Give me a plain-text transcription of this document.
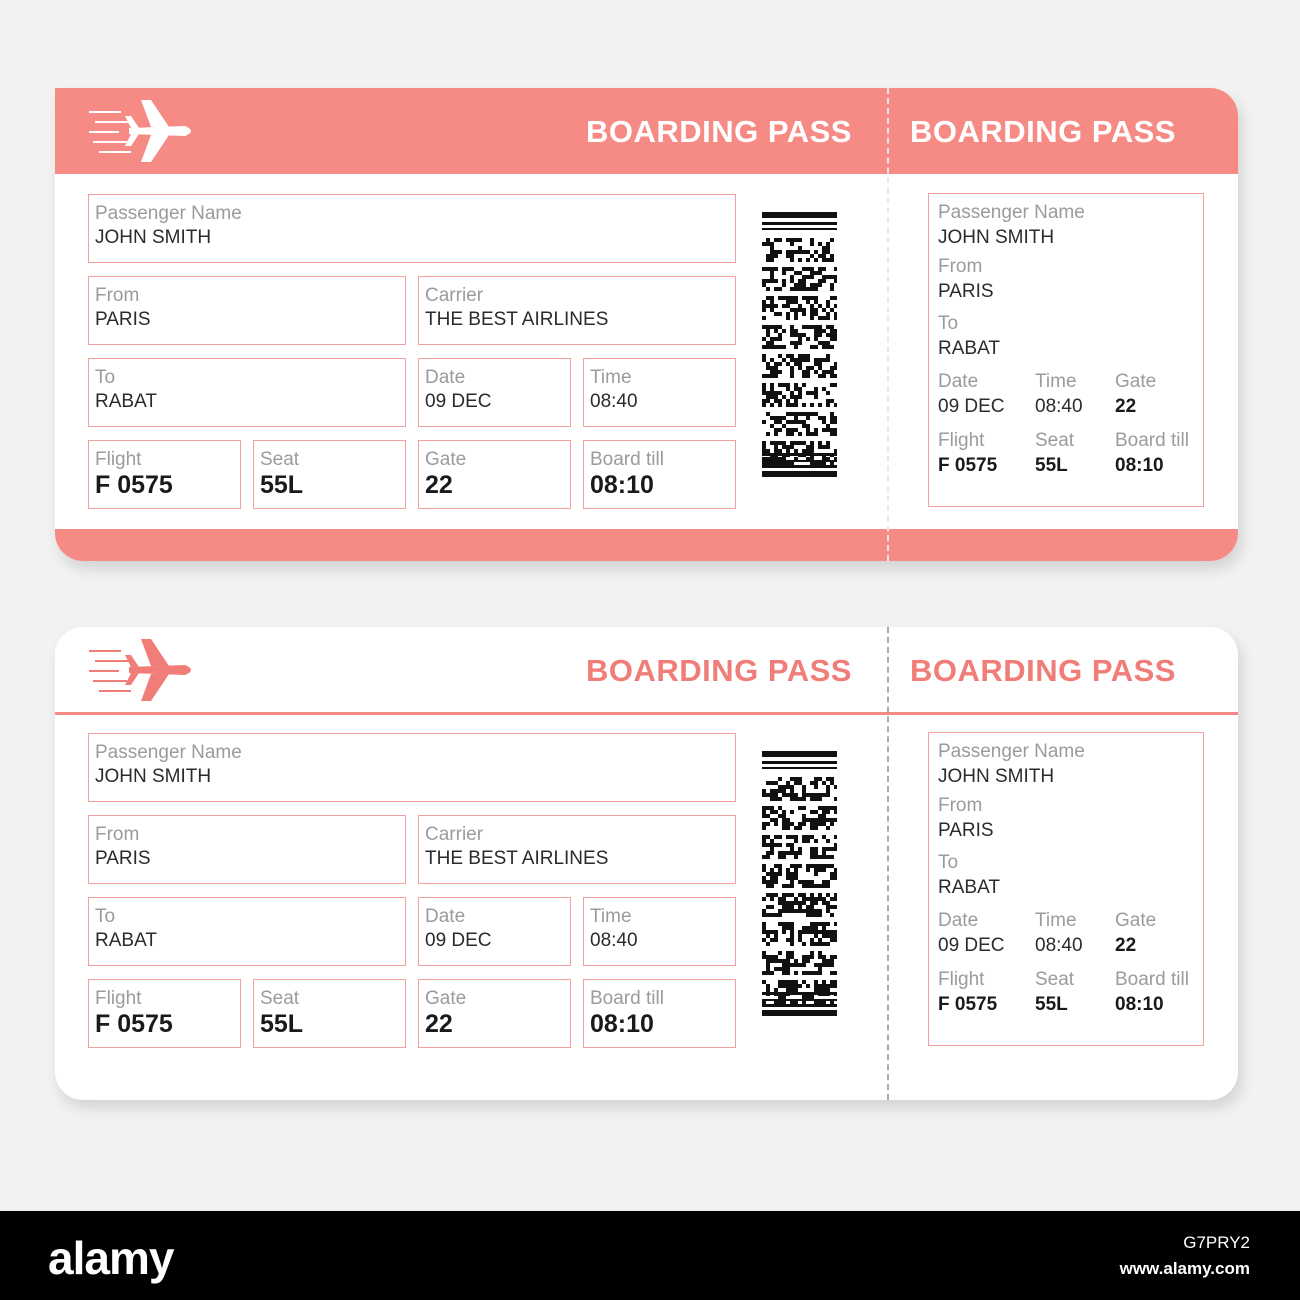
BOARDING PASS BOARDING PASS
Passenger Name
JOHN SMITH
From
PARIS
Carrier
THE BEST AIRLINES
To
RABAT
Date
09 DEC
Time
08:40
Flight
F 0575
Seat
55L
Gate
22
Board till
08:10
Passenger Name
JOHN SMITH
From
PARIS
To
RABAT
Date
09 DEC
Time
08:40
Gate
22
Flight
F 0575
Seat
55L
Board till
08:10
BOARDING PASS BOARDING PASS
Passenger Name
JOHN SMITH
From
PARIS
Carrier
THE BEST AIRLINES
To
RABAT
Date
09 DEC
Time
08:40
Flight
F 0575
Seat
55L
Gate
22
Board till
08:10
Passenger Name
JOHN SMITH
From
PARIS
To
RABAT
Date
09 DEC
Time
08:40
Gate
22
Flight
F 0575
Seat
55L
Board till
08:10
alamy	G7PRY2
www.alamy.com
